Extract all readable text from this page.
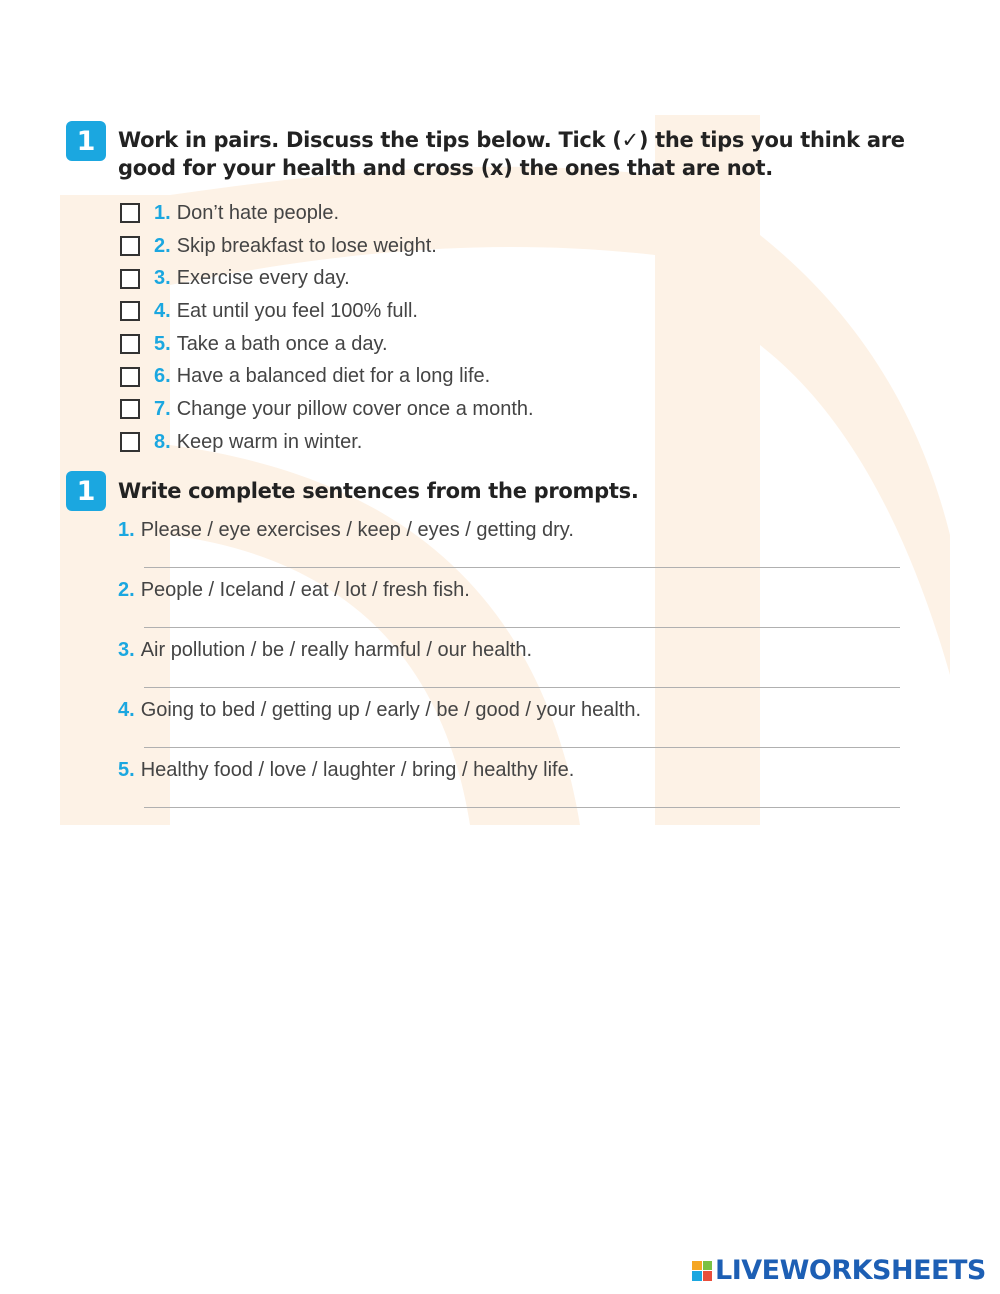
1	Work in pairs. Discuss the tips below. Tick (✓) the tips you think are good for your health and cross (x) the ones that are not.
1. Don’t hate people.
2. Skip breakfast to lose weight.
3. Exercise every day.
4. Eat until you feel 100% full.
5. Take a bath once a day.
6. Have a balanced diet for a long life.
7. Change your pillow cover once a month.
8. Keep warm in winter.
1	Write complete sentences from the prompts.
1. Please / eye exercises / keep / eyes / getting dry.
2. People / Iceland / eat / lot / fresh fish.
3. Air pollution / be / really harmful / our health.
4. Going to bed / getting up / early / be / good / your health.
5. Healthy food / love / laughter / bring / healthy life.
LIVEWORKSHEETS
